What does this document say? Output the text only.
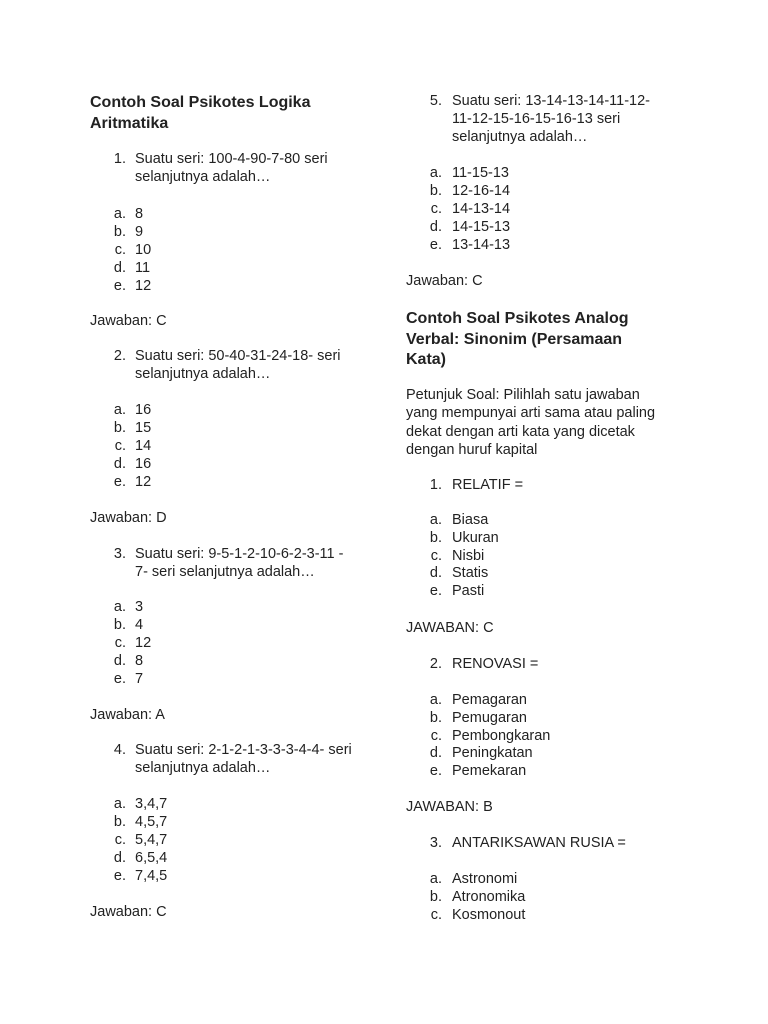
Contoh Soal Psikotes Logika
Aritmatika
1. Suatu seri: 100-4-90-7-80 seri
selanjutnya adalah…
a. 8
b. 9
c. 10
d. 11
e. 12
Jawaban: C
2. Suatu seri: 50-40-31-24-18- seri
selanjutnya adalah…
a. 16
b. 15
c. 14
d. 16
e. 12
Jawaban: D
3. Suatu seri: 9-5-1-2-10-6-2-3-11 -
7- seri selanjutnya adalah…
a. 3
b. 4
c. 12
d. 8
e. 7
Jawaban: A
4. Suatu seri: 2-1-2-1-3-3-3-4-4- seri
selanjutnya adalah…
a. 3,4,7
b. 4,5,7
c. 5,4,7
d. 6,5,4
e. 7,4,5
Jawaban: C
5. Suatu seri: 13-14-13-14-11-12-
11-12-15-16-15-16-13 seri
selanjutnya adalah…
a. 11-15-13
b. 12-16-14
c. 14-13-14
d. 14-15-13
e. 13-14-13
Jawaban: C
Contoh Soal Psikotes Analog
Verbal: Sinonim (Persamaan
Kata)
Petunjuk Soal: Pilihlah satu jawaban
yang mempunyai arti sama atau paling
dekat dengan arti kata yang dicetak
dengan huruf kapital
1. RELATIF =
a. Biasa
b. Ukuran
c. Nisbi
d. Statis
e. Pasti
JAWABAN: C
2. RENOVASI =
a. Pemagaran
b. Pemugaran
c. Pembongkaran
d. Peningkatan
e. Pemekaran
JAWABAN: B
3. ANTARIKSAWAN RUSIA =
a. Astronomi
b. Atronomika
c. Kosmonout
